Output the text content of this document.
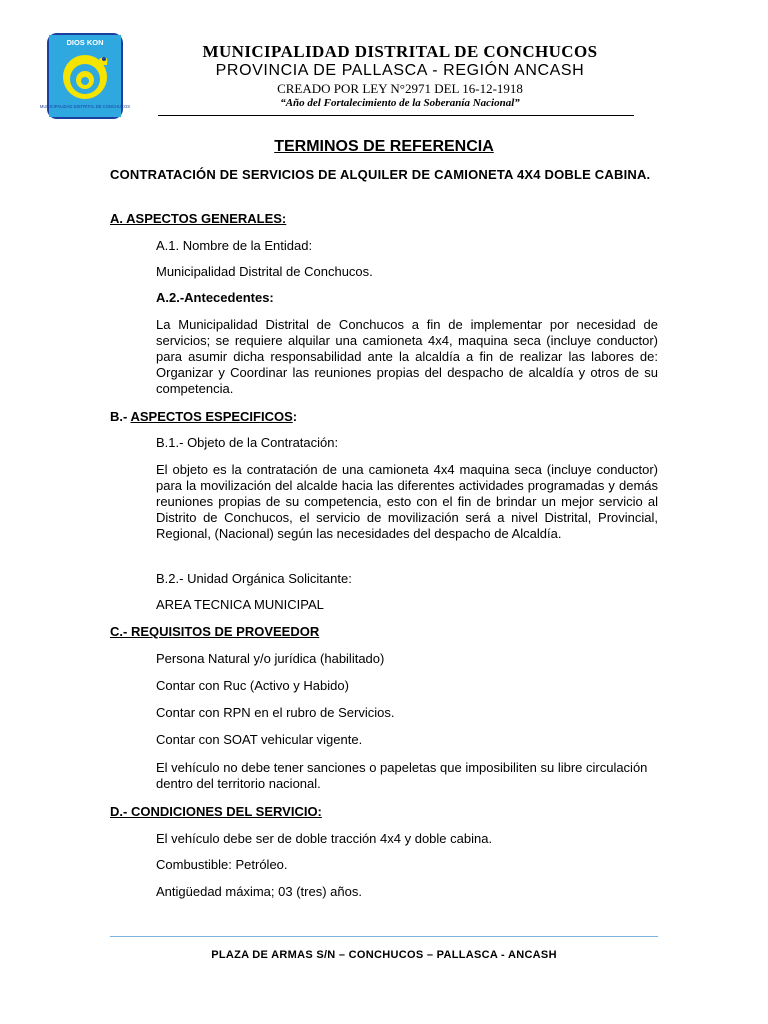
DIOS KON
MUNICIPALIDAD DISTRITAL DE CONCHUCOS
MUNICIPALIDAD DISTRITAL DE CONCHUCOS
PROVINCIA DE PALLASCA - REGIÓN ANCASH
CREADO POR LEY N°2971 DEL 16-12-1918
“Año del Fortalecimiento de la Soberanía Nacional”
TERMINOS DE REFERENCIA
CONTRATACIÓN DE SERVICIOS DE ALQUILER DE CAMIONETA 4X4 DOBLE CABINA.
A. ASPECTOS GENERALES:
A.1. Nombre de la Entidad:
Municipalidad Distrital de Conchucos.
A.2.-Antecedentes:
La Municipalidad Distrital de Conchucos a fin de implementar por necesidad de servicios; se requiere alquilar una camioneta 4x4, maquina seca (incluye conductor) para asumir dicha responsabilidad ante la alcaldía a fin de realizar las labores de: Organizar y Coordinar las reuniones propias del despacho de alcaldía y otros de su competencia.
B.- ASPECTOS ESPECIFICOS:
B.1.- Objeto de la Contratación:
El objeto es la contratación de una camioneta 4x4 maquina seca (incluye conductor) para la movilización del alcalde hacia las diferentes actividades programadas y demás reuniones propias de su competencia, esto con el fin de brindar un mejor servicio al Distrito de Conchucos, el servicio de movilización será a nivel Distrital, Provincial, Regional, (Nacional) según las necesidades del despacho de Alcaldía.
B.2.- Unidad Orgánica Solicitante:
AREA TECNICA MUNICIPAL
C.- REQUISITOS DE PROVEEDOR
Persona Natural y/o jurídica (habilitado)
Contar con Ruc (Activo y Habido)
Contar con RPN en el rubro de Servicios.
Contar con SOAT vehicular vigente.
El vehículo no debe tener sanciones o papeletas que imposibiliten su libre circulación dentro del territorio nacional.
D.- CONDICIONES DEL SERVICIO:
El vehículo debe ser de doble tracción 4x4 y doble cabina.
Combustible: Petróleo.
Antigüedad máxima; 03 (tres) años.
PLAZA DE ARMAS S/N – CONCHUCOS – PALLASCA - ANCASH
